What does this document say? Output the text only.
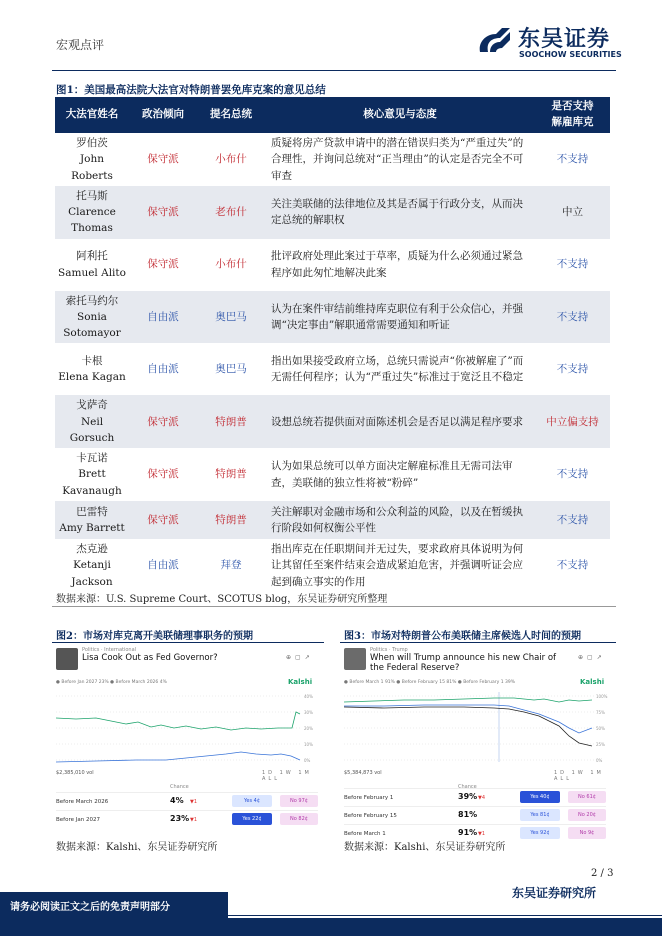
宏观点评	东吴证券
SOOCHOW SECURITIES
图1：美国最高法院大法官对特朗普罢免库克案的意见总结
大法官姓名	政治倾向	提名总统	核心意见与态度	是否支持
解雇库克

罗伯茨
John Roberts	保守派	小布什	质疑将房产贷款申请中的潜在错误归类为“严重过失”的合理性，并询问总统对“正当理由”的认定是否完全不可审查	不支持

托马斯
Clarence Thomas	保守派	老布什	关注美联储的法律地位及其是否属于行政分支，从而决定总统的解职权	中立

阿利托
Samuel Alito	保守派	小布什	批评政府处理此案过于草率，质疑为什么必须通过紧急程序如此匆忙地解决此案	不支持

索托马约尔
Sonia Sotomayor	自由派	奥巴马	认为在案件审结前维持库克职位有利于公众信心，并强调“决定事由”解职通常需要通知和听证	不支持

卡根
Elena Kagan	自由派	奥巴马	指出如果接受政府立场，总统只需说声“你被解雇了”而无需任何程序；认为“严重过失”标准过于宽泛且不稳定	不支持

戈萨奇
Neil Gorsuch	保守派	特朗普	设想总统若提供面对面陈述机会是否足以满足程序要求	中立偏支持

卡瓦诺
Brett Kavanaugh	保守派	特朗普	认为如果总统可以单方面决定解雇标准且无需司法审查，美联储的独立性将被“粉碎”	不支持

巴雷特
Amy Barrett	保守派	特朗普	关注解职对金融市场和公众利益的风险，以及在暂缓执行阶段如何权衡公平性	不支持

杰克逊
Ketanji Jackson	自由派	拜登	指出库克在任职期间并无过失，要求政府具体说明为何让其留任至案件结束会造成紧迫危害，并强调听证会应起到确立事实的作用	不支持
数据来源：U.S. Supreme Court、SCOTUS blog，东吴证券研究所整理
图2：市场对库克离开美联储理事职务的预期	图3：市场对特朗普公布美联储主席候选人时间的预期
Politics · International
Lisa Cook Out as Fed Governor?	⊕▢↗
● Before Jan 2027 23% ● Before March 2026 4%	Kalshi
40%
30%
20%
10%
0%
$2,385,010 vol	1D 1W 1M ALL
Chance
Before March 2026	4% ▼1	Yes 4¢	No 97¢
Before Jan 2027	23% ▼1	Yes 22¢	No 82¢
Politics · Trump
When will Trump announce his new Chair of the Federal Reserve?
⊕▢↗
● Before March 1 91% ● Before February 15 81% ● Before February 1 39%	Kalshi
100%
75%
50%
25%
0%
$5,384,873 vol	1D 1W 1M ALL
Chance
Before February 1	39% ▼4	Yes 40¢	No 61¢
Before February 15	81%	Yes 81¢	No 20¢
Before March 1	91% ▼1	Yes 92¢	No 9¢
数据来源：Kalshi、东吴证券研究所	数据来源：Kalshi、东吴证券研究所
2 / 3
东吴证券研究所
请务必阅读正文之后的免责声明部分
